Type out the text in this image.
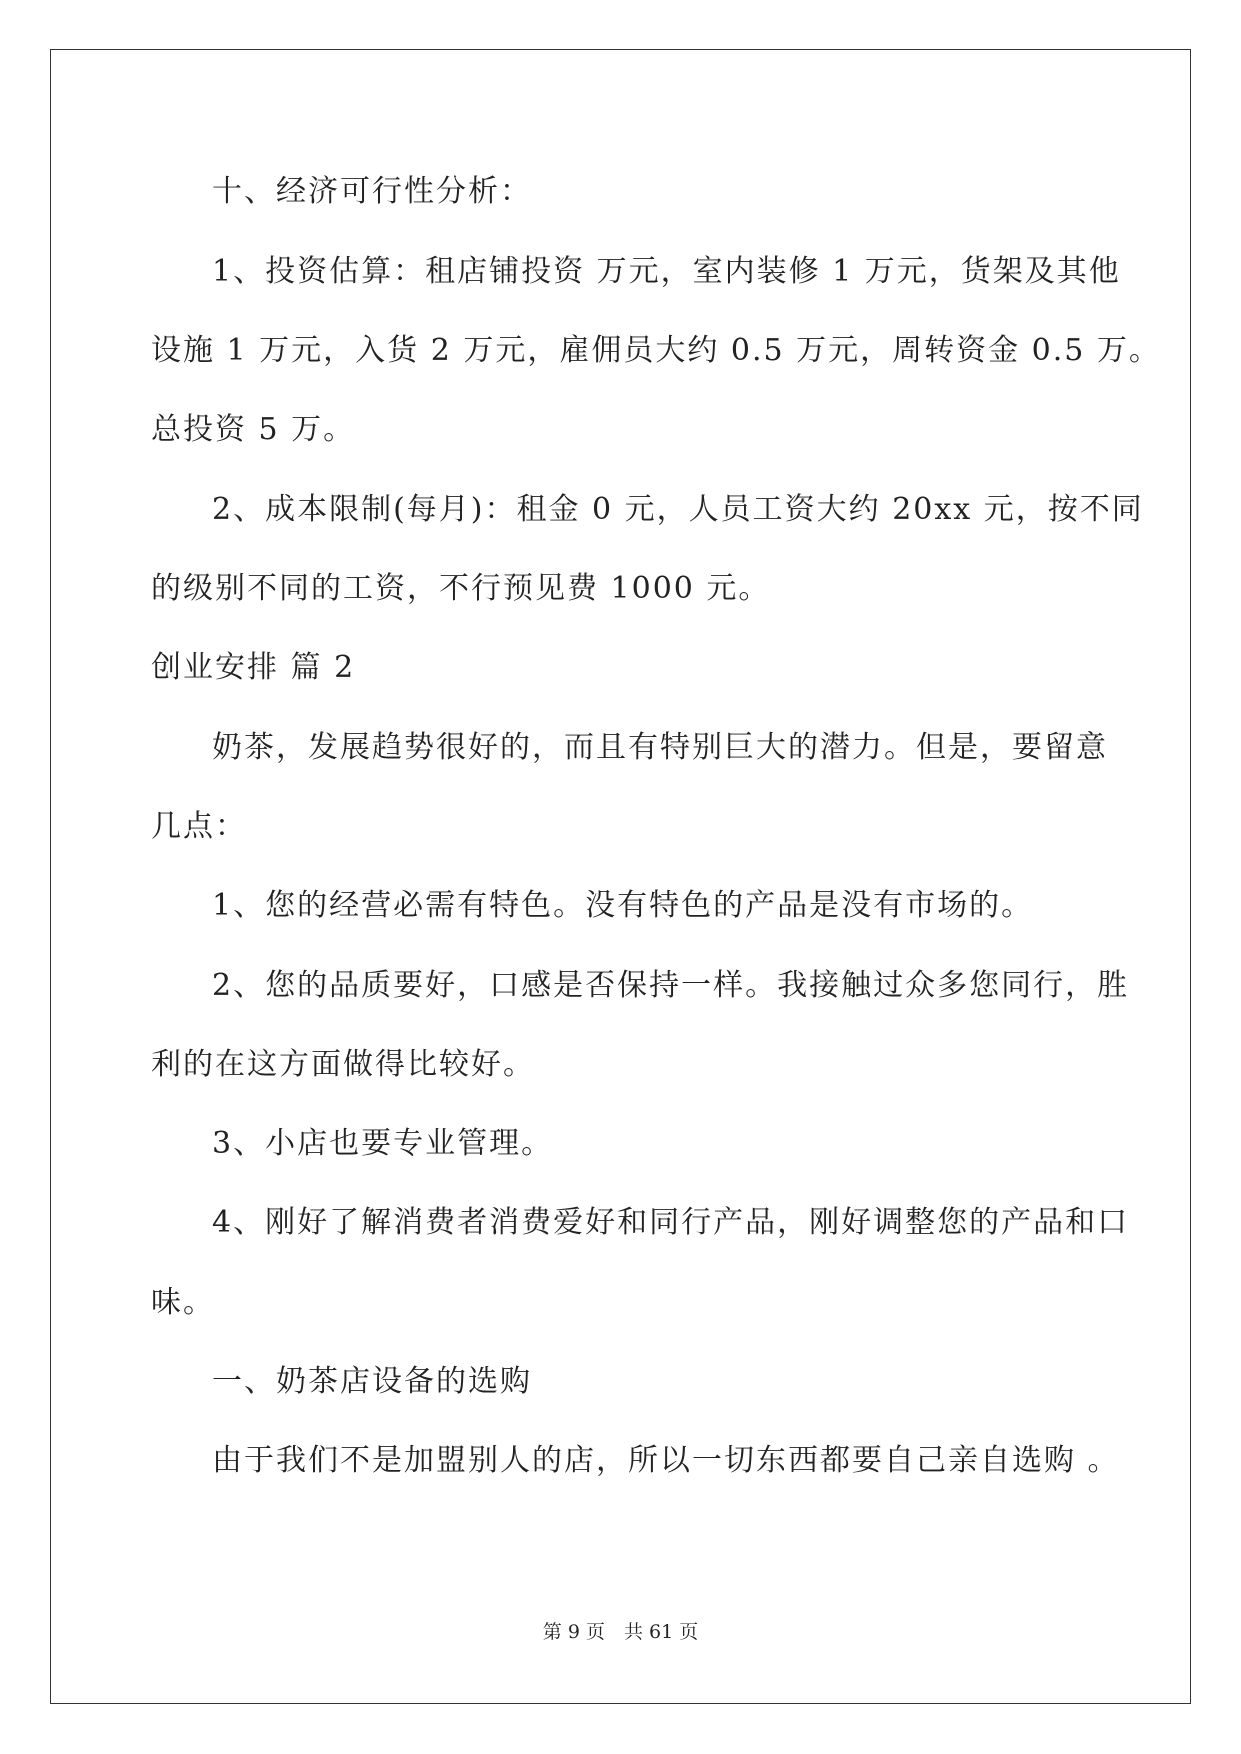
十、经济可行性分析：
1、投资估算：租店铺投资 万元，室内装修 1 万元，货架及其他
设施 1 万元，入货 2 万元，雇佣员大约 0.5 万元，周转资金 0.5 万。
总投资 5 万。
2、成本限制(每月)：租金 0 元，人员工资大约 20xx 元，按不同
的级别不同的工资，不行预见费 1000 元。
创业安排 篇 2
奶茶，发展趋势很好的，而且有特别巨大的潜力。但是，要留意
几点：
1、您的经营必需有特色。没有特色的产品是没有市场的。
2、您的品质要好，口感是否保持一样。我接触过众多您同行，胜
利的在这方面做得比较好。
3、小店也要专业管理。
4、刚好了解消费者消费爱好和同行产品，刚好调整您的产品和口
味。
一、奶茶店设备的选购
由于我们不是加盟别人的店，所以一切东西都要自己亲自选购 。
第 9 页　共 61 页
